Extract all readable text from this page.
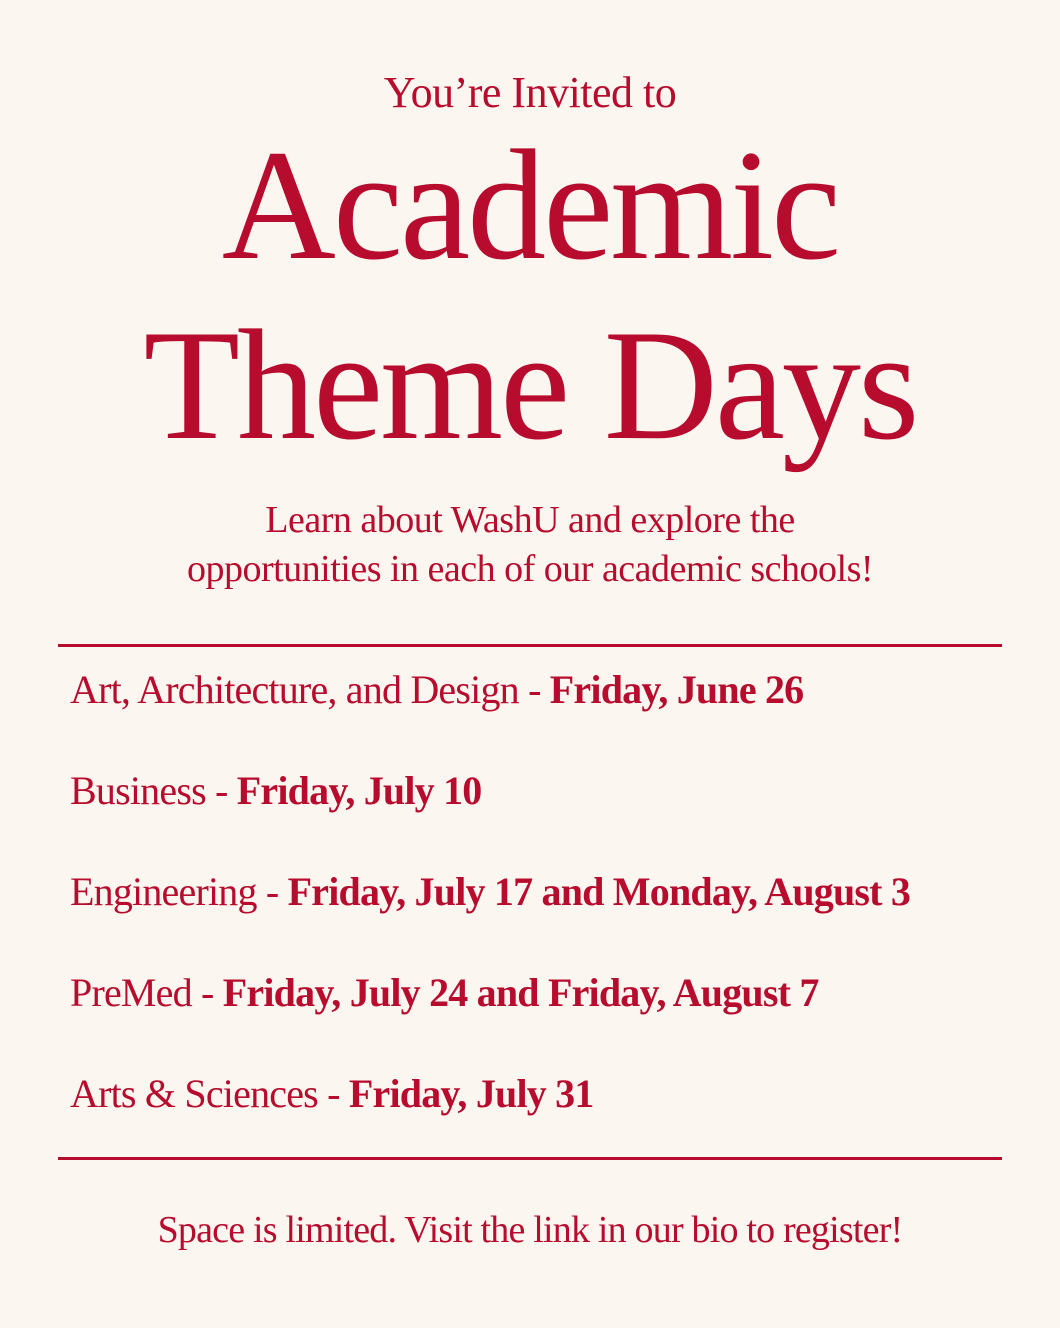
You’re Invited to
Academic
Theme Days
Learn about WashU and explore the
opportunities in each of our academic schools!
Art, Architecture, and Design - Friday, June 26
Business - Friday, July 10
Engineering - Friday, July 17 and Monday, August 3
PreMed - Friday, July 24 and Friday, August 7
Arts & Sciences - Friday, July 31
Space is limited. Visit the link in our bio to register!
